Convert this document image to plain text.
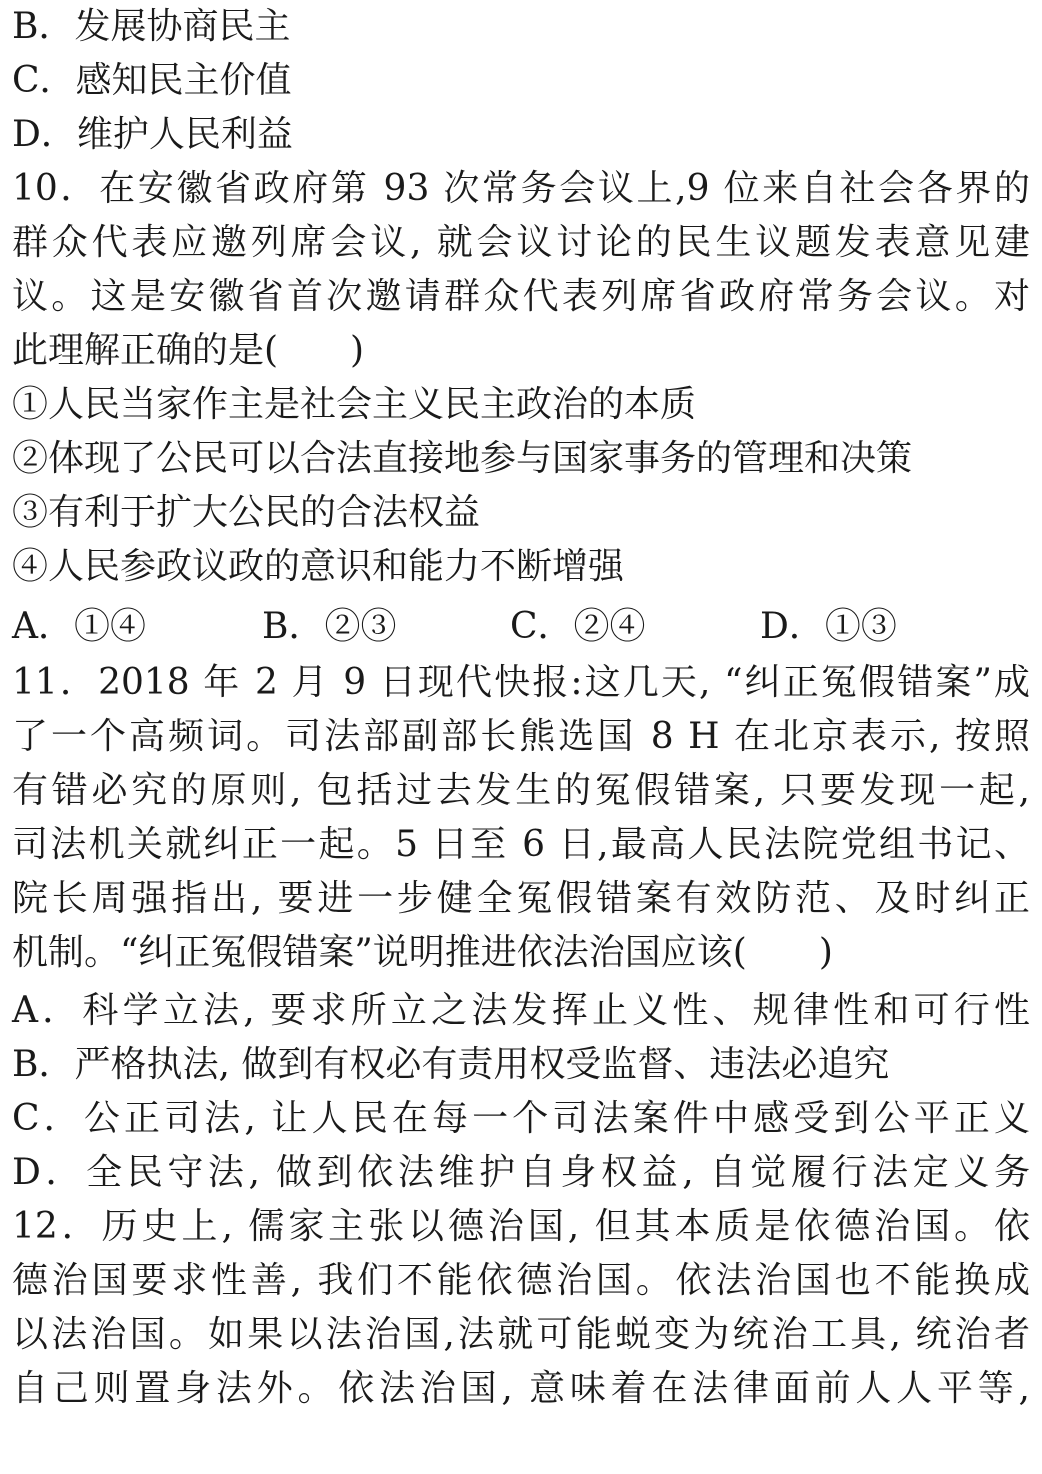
B．发展协商民主
C．感知民主价值
D．维护人民利益
10．在安徽省政府第 93 次常务会议上,9 位来自社会各界的
群众代表应邀列席会议, 就会议讨论的民生议题发表意见建
议。这是安徽省首次邀请群众代表列席省政府常务会议。对
此理解正确的是(　　)
①人民当家作主是社会主义民主政治的本质
②体现了公民可以合法直接地参与国家事务的管理和决策
③有利于扩大公民的合法权益
④人民参政议政的意识和能力不断增强
A．①④	B．②③	C．②④	D．①③
11．2018 年 2 月 9 日现代快报:这几天, “纠正冤假错案”成
了一个高频词。司法部副部长熊选国 8 H 在北京表示, 按照
有错必究的原则, 包括过去发生的冤假错案, 只要发现一起,
司法机关就纠正一起。5 日至 6 日,最高人民法院党组书记、
院长周强指出, 要进一步健全冤假错案有效防范、及时纠正
机制。“纠正冤假错案”说明推进依法治国应该(　　)
A．科学立法, 要求所立之法发挥止义性、规律性和可行性
B．严格执法, 做到有权必有责用权受监督、违法必追究
C．公正司法, 让人民在每一个司法案件中感受到公平正义
D．全民守法, 做到依法维护自身权益, 自觉履行法定义务
12．历史上, 儒家主张以德治国, 但其本质是依德治国。依
德治国要求性善, 我们不能依德治国。依法治国也不能换成
以法治国。如果以法治国,法就可能蜕变为统治工具, 统治者
自己则置身法外。依法治国, 意味着在法律面前人人平等,
